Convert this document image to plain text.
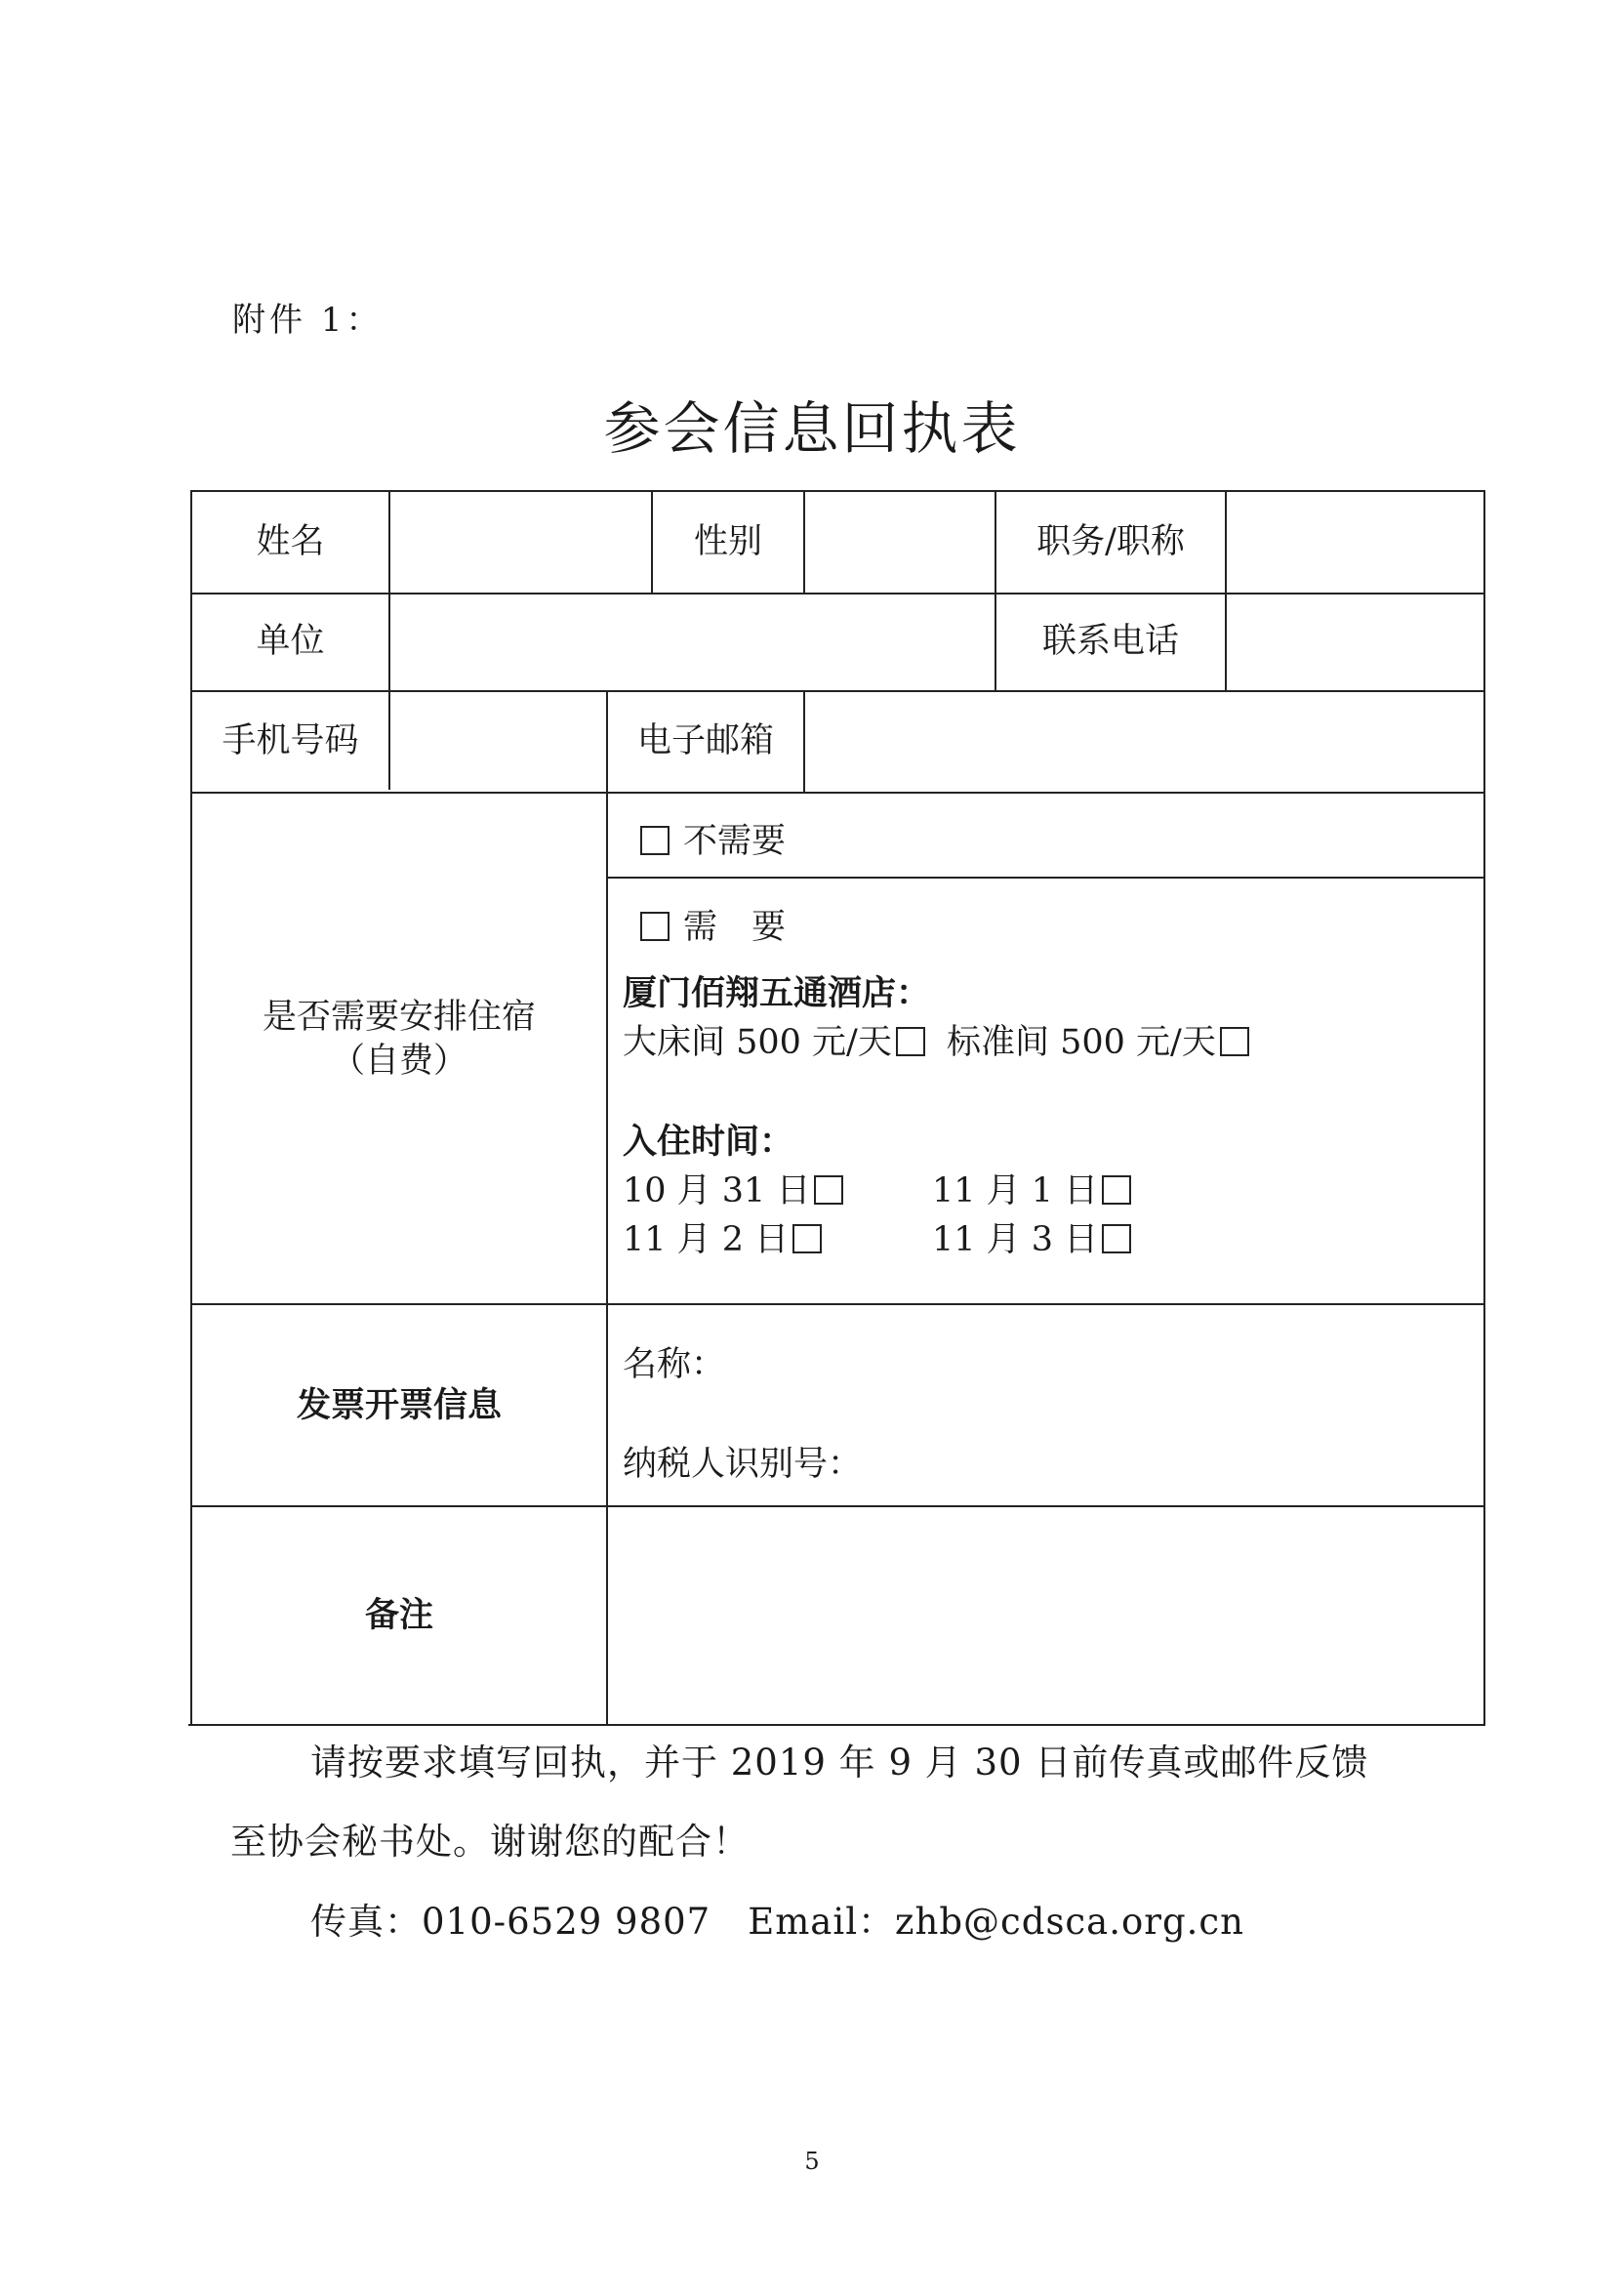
附件 1：
参会信息回执表
姓名	性别	职务/职称
单位	联系电话
手机号码	电子邮箱
是否需要安排住宿
（自费）
不需要
需　要
厦门佰翔五通酒店：
大床间 500 元/天	标准间 500 元/天
入住时间：
10 月 31 日	11 月 1 日
11 月 2 日	11 月 3 日
发票开票信息
名称：
纳税人识别号：
备注
请按要求填写回执，并于 2019 年 9 月 30 日前传真或邮件反馈
至协会秘书处。谢谢您的配合！
传真：010-6529 9807　Email：zhb@cdsca.org.cn
5
